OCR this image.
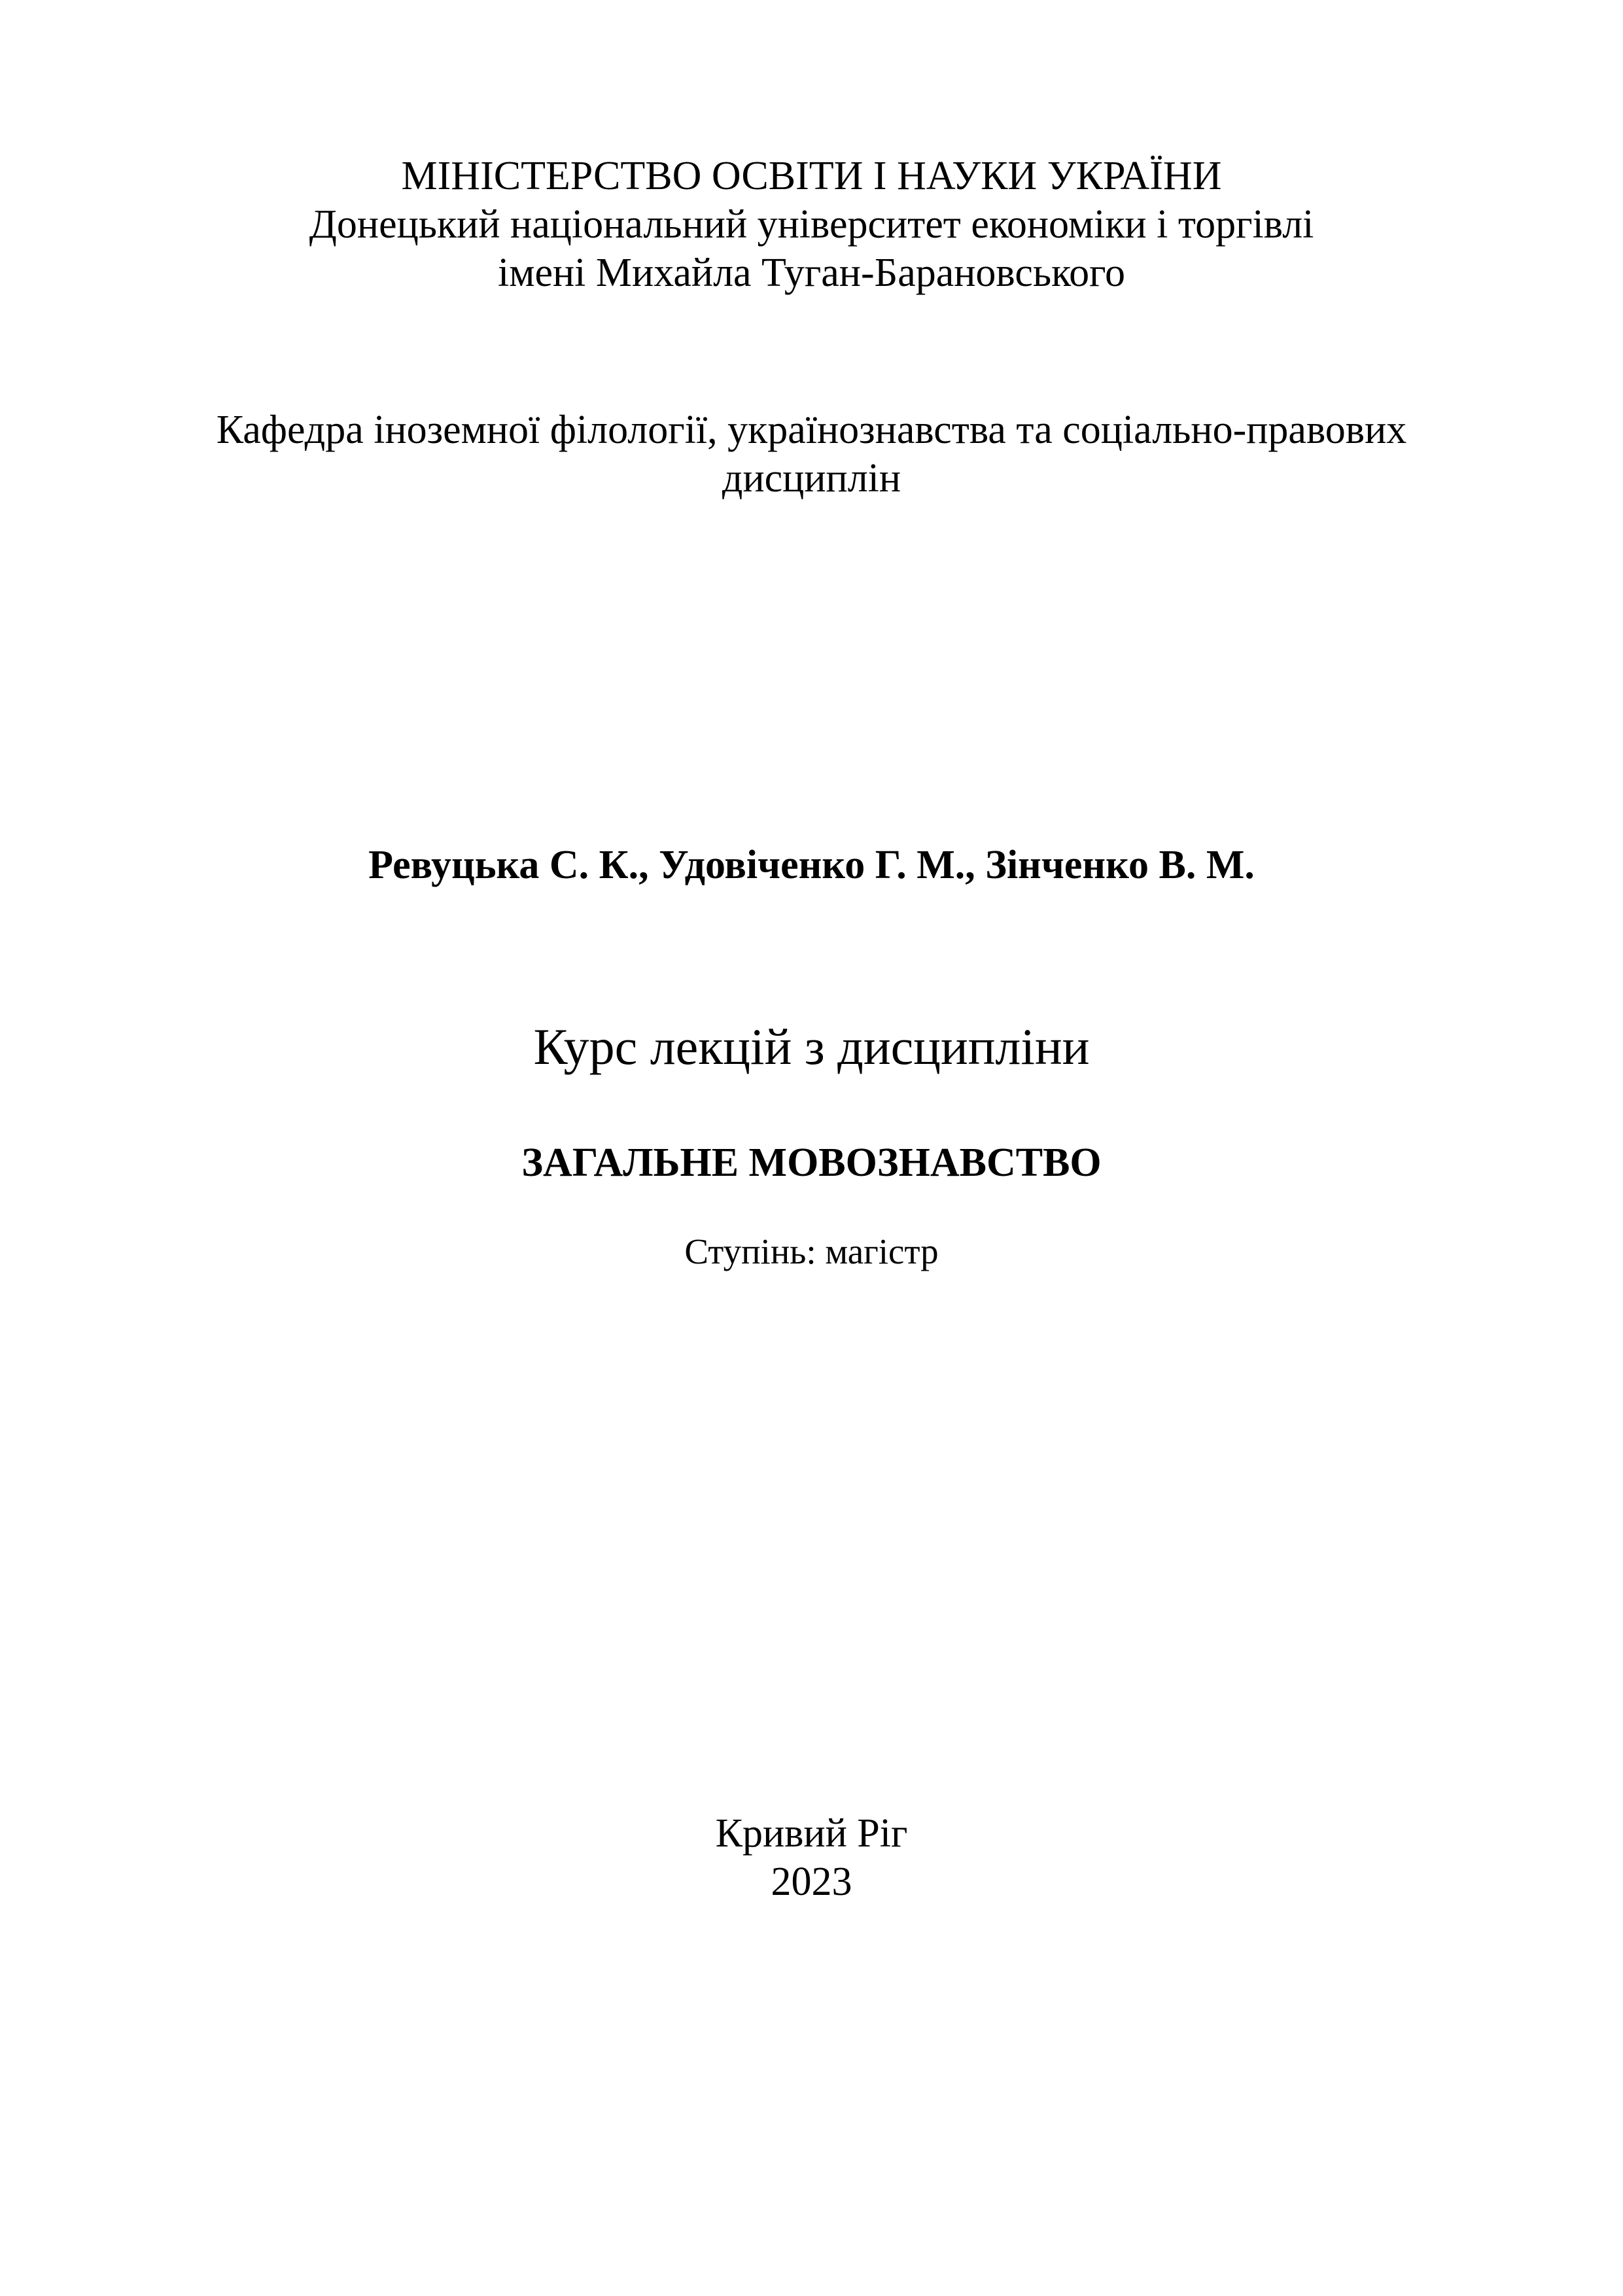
МІНІСТЕРСТВО ОСВІТИ І НАУКИ УКРАЇНИ
Донецький національний університет економіки і торгівлі
імені Михайла Туган-Барановського
Кафедра іноземної філології, українознавства та соціально-правових
дисциплін
Ревуцька С. К., Удовіченко Г. М., Зінченко В. М.
Курс лекцій з дисципліни
ЗАГАЛЬНЕ МОВОЗНАВСТВО
Ступінь: магістр
Кривий Ріг
2023
